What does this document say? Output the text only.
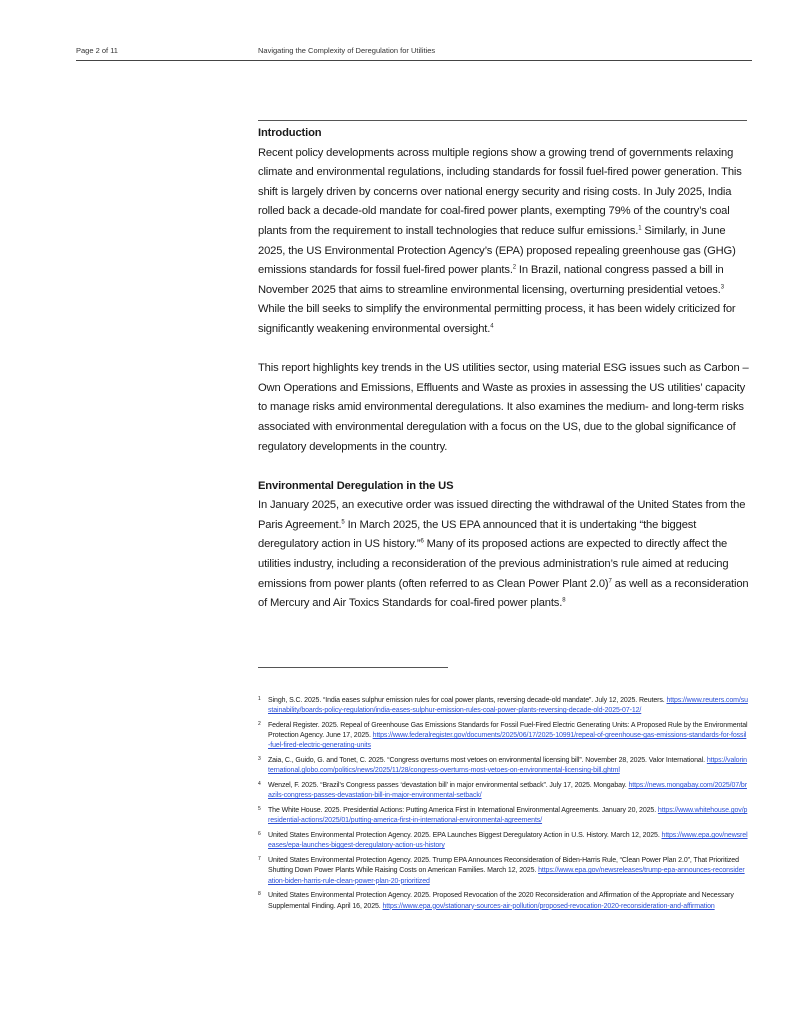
Page 2 of 11	Navigating the Complexity of Deregulation for Utilities
Introduction

Recent policy developments across multiple regions show a growing trend of governments relaxing climate and environmental regulations, including standards for fossil fuel-fired power generation. This shift is largely driven by concerns over national energy security and rising costs. In July 2025, India rolled back a decade-old mandate for coal-fired power plants, exempting 79% of the country’s coal plants from the requirement to install technologies that reduce sulfur emissions.$^1$ Similarly, in June 2025, the US Environmental Protection Agency’s (EPA) proposed repealing greenhouse gas (GHG) emissions standards for fossil fuel-fired power plants.$^2$ In Brazil, national congress passed a bill in November 2025 that aims to streamline environmental licensing, overturning presidential vetoes.$^3$ While the bill seeks to simplify the environmental permitting process, it has been widely criticized for significantly weakening environmental oversight.$^4$

This report highlights key trends in the US utilities sector, using material ESG issues such as Carbon – Own Operations and Emissions, Effluents and Waste as proxies in assessing the US utilities’ capacity to manage risks amid environmental deregulations. It also examines the medium- and long-term risks associated with environmental deregulation with a focus on the US, due to the global significance of regulatory developments in the country.

Environmental Deregulation in the US

In January 2025, an executive order was issued directing the withdrawal of the United States from the Paris Agreement.$^5$ In March 2025, the US EPA announced that it is undertaking “the biggest deregulatory action in US history.”$^6$ Many of its proposed actions are expected to directly affect the utilities industry, including a reconsideration of the previous administration’s rule aimed at reducing emissions from power plants (often referred to as Clean Power Plant 2.0)$^7$ as well as a reconsideration of Mercury and Air Toxics Standards for coal-fired power plants.$^8$

1 Singh, S.C. 2025. “India eases sulphur emission rules for coal power plants, reversing decade-old mandate”. July 12, 2025. Reuters. https://www.reuters.com/sustainability/boards-policy-regulation/india-eases-sulphur-emission-rules-coal-power-plants-reversing-decade-old-2025-07-12/
2 Federal Register. 2025. Repeal of Greenhouse Gas Emissions Standards for Fossil Fuel-Fired Electric Generating Units: A Proposed Rule by the Environmental Protection Agency. June 17, 2025. https://www.federalregister.gov/documents/2025/06/17/2025-10991/repeal-of-greenhouse-gas-emissions-standards-for-fossil-fuel-fired-electric-generating-units
3 Zaia, C., Guido, G. and Tonet, C. 2025. “Congress overturns most vetoes on environmental licensing bill”. November 28, 2025. Valor International. https://valorinternational.globo.com/politics/news/2025/11/28/congress-overturns-most-vetoes-on-environmental-licensing-bill.ghtml
4 Wenzel, F. 2025. “Brazil’s Congress passes ‘devastation bill’ in major environmental setback”. July 17, 2025. Mongabay. https://news.mongabay.com/2025/07/brazils-congress-passes-devastation-bill-in-major-environmental-setback/
5 The White House. 2025. Presidential Actions: Putting America First in International Environmental Agreements. January 20, 2025. https://www.whitehouse.gov/presidential-actions/2025/01/putting-america-first-in-international-environmental-agreements/
6 United States Environmental Protection Agency. 2025. EPA Launches Biggest Deregulatory Action in U.S. History. March 12, 2025. https://www.epa.gov/newsreleases/epa-launches-biggest-deregulatory-action-us-history
7 United States Environmental Protection Agency. 2025. Trump EPA Announces Reconsideration of Biden-Harris Rule, “Clean Power Plan 2.0”, That Prioritized Shutting Down Power Plants While Raising Costs on American Families. March 12, 2025. https://www.epa.gov/newsreleases/trump-epa-announces-reconsideration-biden-harris-rule-clean-power-plan-20-prioritized
8 United States Environmental Protection Agency. 2025. Proposed Revocation of the 2020 Reconsideration and Affirmation of the Appropriate and Necessary Supplemental Finding. April 16, 2025. https://www.epa.gov/stationary-sources-air-pollution/proposed-revocation-2020-reconsideration-and-affirmation
